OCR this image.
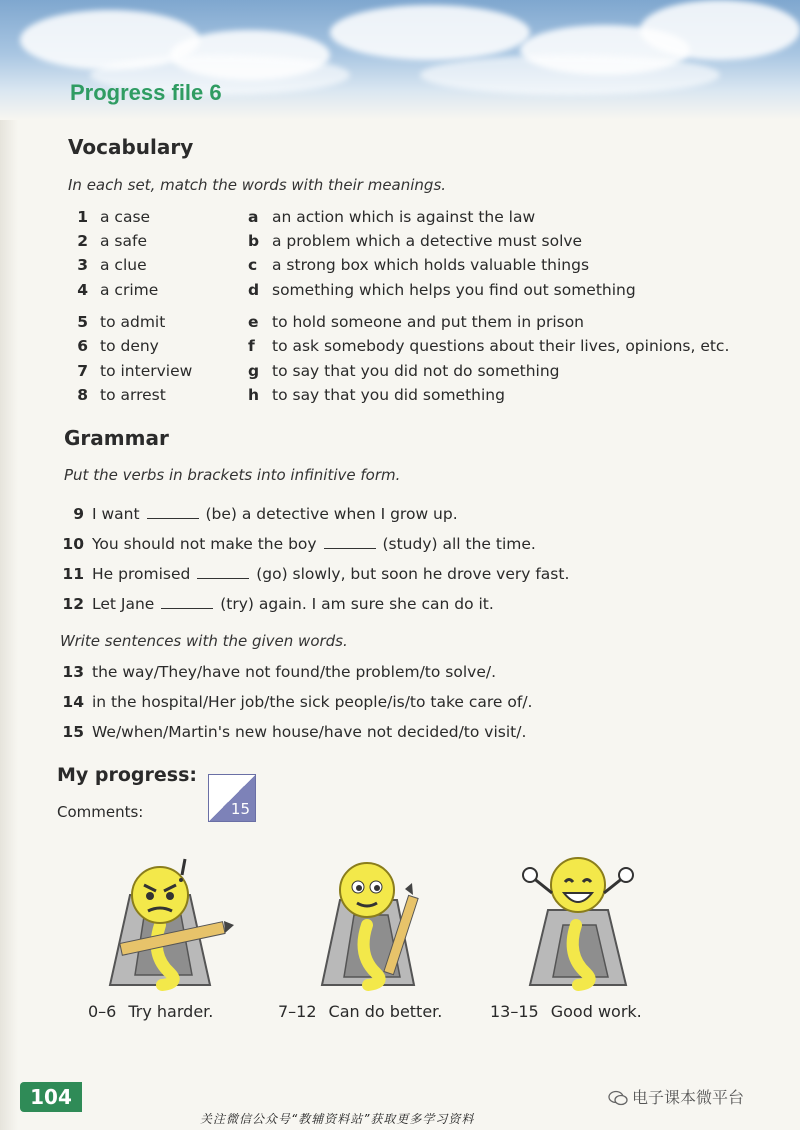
Progress file 6
Vocabulary

In each set, match the words with their meanings.

1 a case	a an action which is against the law
2 a safe	b a problem which a detective must solve
3 a clue	c a strong box which holds valuable things
4 a crime	d something which helps you find out something
5 to admit	e to hold someone and put them in prison
6 to deny	f to ask somebody questions about their lives, opinions, etc.
7 to interview	g to say that you did not do something
8 to arrest	h to say that you did something
Grammar

Put the verbs in brackets into infinitive form.

9 I want	(be) a detective when I grow up.
10 You should not make the boy	(study) all the time.
11 He promised	(go) slowly, but soon he drove very fast.
12 Let Jane	(try) again. I am sure she can do it.

Write sentences with the given words.

13 the way/They/have not found/the problem/to solve/.
14 in the hospital/Her job/the sick people/is/to take care of/.
15 We/when/Martin's new house/have not decided/to visit/.
My progress:
Comments:	15
0–6 Try harder.	7–12 Can do better.	13–15 Good work.
104	电子课本微平台
关注微信公众号“教辅资料站”获取更多学习资料
